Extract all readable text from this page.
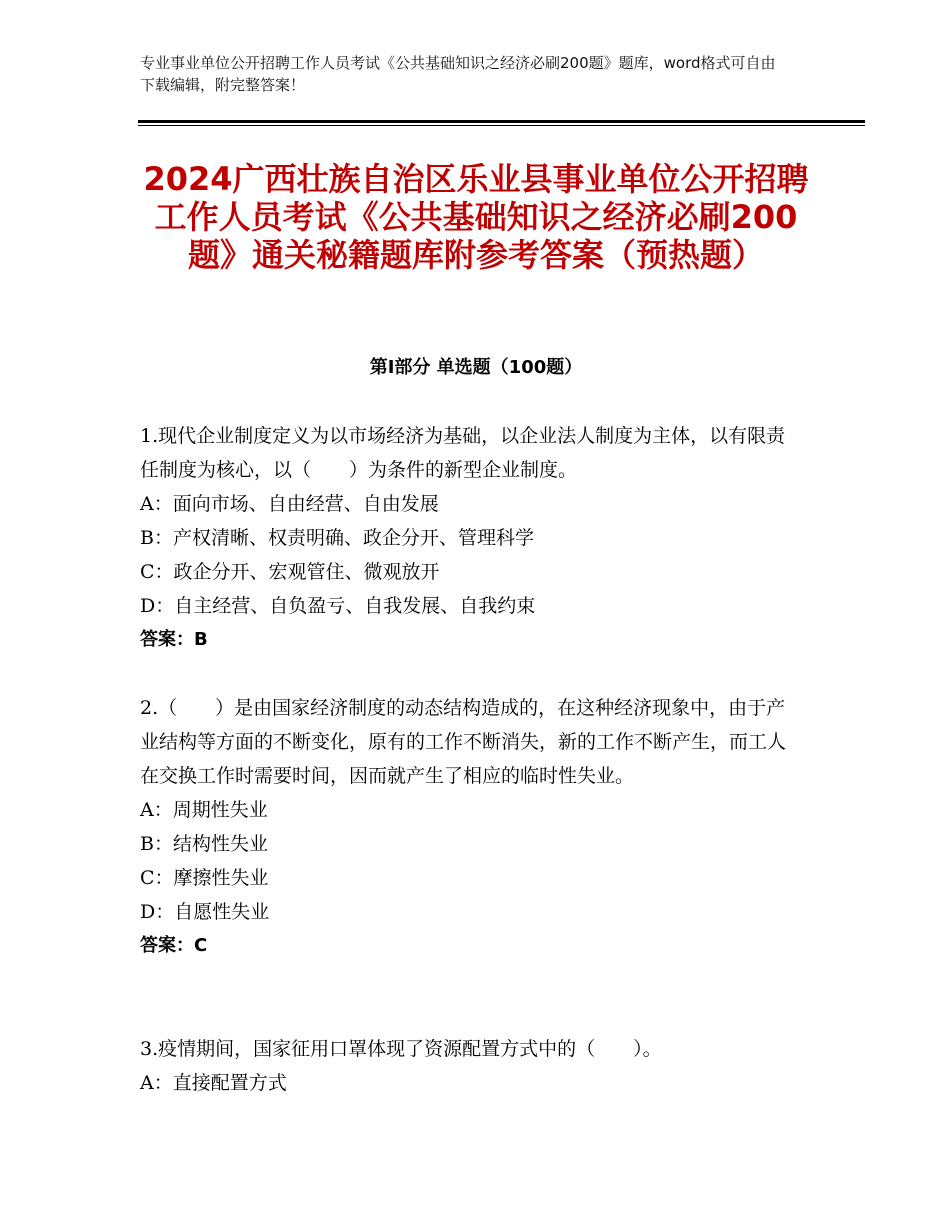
专业事业单位公开招聘工作人员考试《公共基础知识之经济必刷200题》题库，word格式可自由下载编辑，附完整答案！
2024广西壮族自治区乐业县事业单位公开招聘工作人员考试《公共基础知识之经济必刷200题》通关秘籍题库附参考答案（预热题）
第Ⅰ部分 单选题（100题）
1.现代企业制度定义为以市场经济为基础，以企业法人制度为主体，以有限责任制度为核心，以（　　）为条件的新型企业制度。
A：面向市场、自由经营、自由发展
B：产权清晰、权责明确、政企分开、管理科学
C：政企分开、宏观管住、微观放开
D：自主经营、自负盈亏、自我发展、自我约束
答案：B
2.（　　）是由国家经济制度的动态结构造成的，在这种经济现象中，由于产业结构等方面的不断变化，原有的工作不断消失，新的工作不断产生，而工人在交换工作时需要时间，因而就产生了相应的临时性失业。
A：周期性失业
B：结构性失业
C：摩擦性失业
D：自愿性失业
答案：C
3.疫情期间，国家征用口罩体现了资源配置方式中的（　　）。
A：直接配置方式
